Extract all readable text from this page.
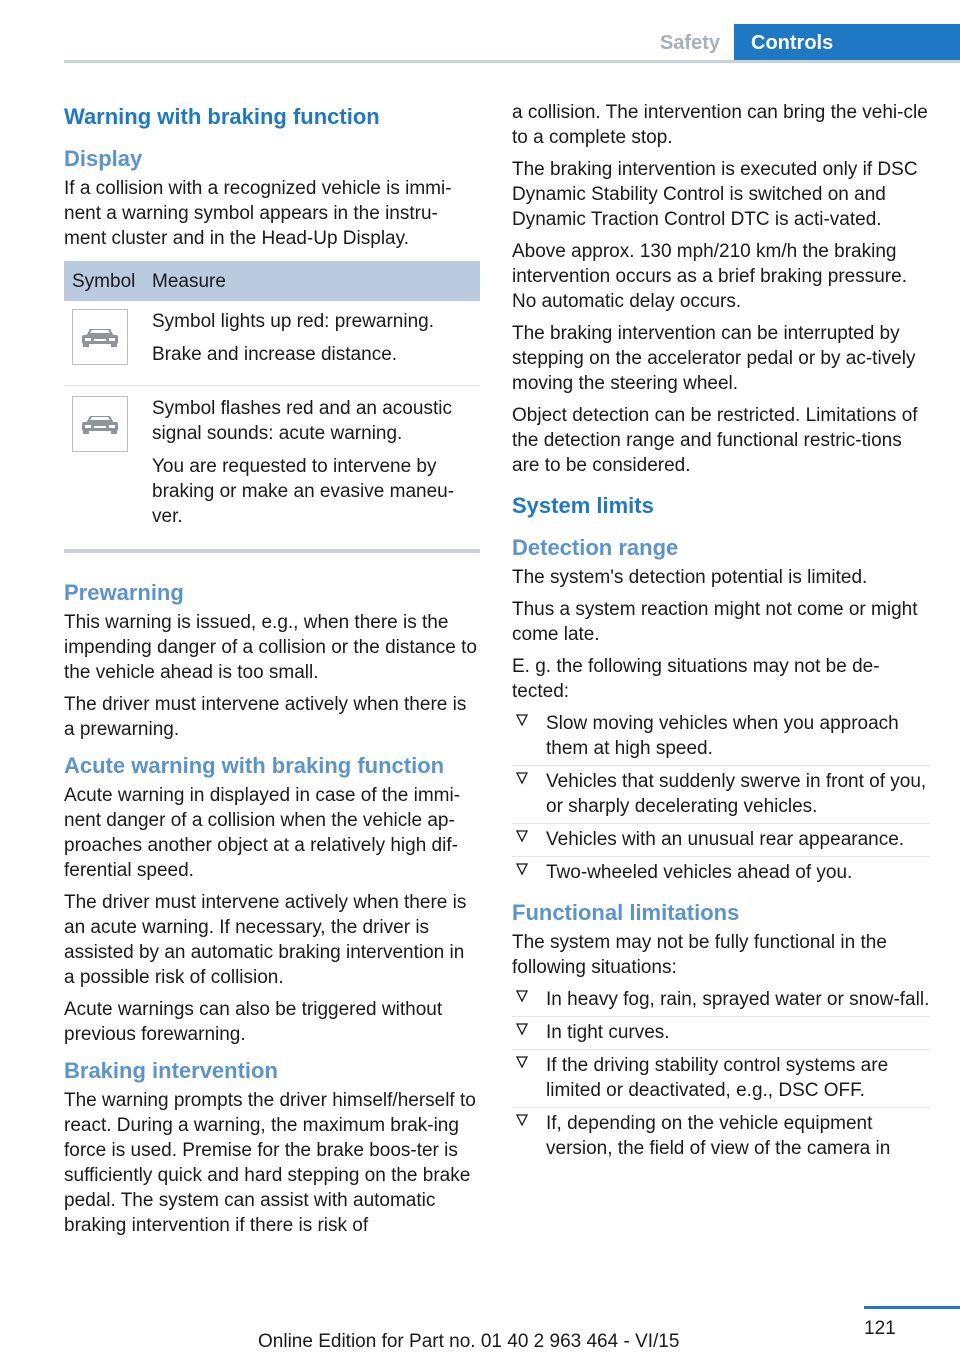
Safety	Controls
Warning with braking function
Display

If a collision with a recognized vehicle is immi-nent a warning symbol appears in the instru-ment cluster and in the Head-Up Display.

Symbol	Measure

Symbol lights up red: prewarning.

Brake and increase distance.

Symbol flashes red and an acoustic signal sounds: acute warning.

You are requested to intervene by braking or make an evasive maneu-ver.

Prewarning

This warning is issued, e.g., when there is the impending danger of a collision or the distance to the vehicle ahead is too small.

The driver must intervene actively when there is a prewarning.

Acute warning with braking function

Acute warning in displayed in case of the immi-nent danger of a collision when the vehicle ap-proaches another object at a relatively high dif-ferential speed.

The driver must intervene actively when there is an acute warning. If necessary, the driver is assisted by an automatic braking intervention in a possible risk of collision.

Acute warnings can also be triggered without previous forewarning.

Braking intervention

The warning prompts the driver himself/herself to react. During a warning, the maximum brak-ing force is used. Premise for the brake boos-ter is sufficiently quick and hard stepping on the brake pedal. The system can assist with automatic braking intervention if there is risk of

a collision. The intervention can bring the vehi-cle to a complete stop.

The braking intervention is executed only if DSC Dynamic Stability Control is switched on and Dynamic Traction Control DTC is acti-vated.

Above approx. 130 mph/210 km/h the braking intervention occurs as a brief braking pressure. No automatic delay occurs.

The braking intervention can be interrupted by stepping on the accelerator pedal or by ac-tively moving the steering wheel.

Object detection can be restricted. Limitations of the detection range and functional restric-tions are to be considered.

System limits
Detection range

The system's detection potential is limited.

Thus a system reaction might not come or might come late.

E. g. the following situations may not be de-tected:

Slow moving vehicles when you approach them at high speed.
Vehicles that suddenly swerve in front of you, or sharply decelerating vehicles.
Vehicles with an unusual rear appearance.
Two-wheeled vehicles ahead of you.
Functional limitations

The system may not be fully functional in the following situations:

In heavy fog, rain, sprayed water or snow-fall.
In tight curves.
If the driving stability control systems are limited or deactivated, e.g., DSC OFF.
If, depending on the vehicle equipment version, the field of view of the camera in
121
Online Edition for Part no. 01 40 2 963 464 - VI/15
